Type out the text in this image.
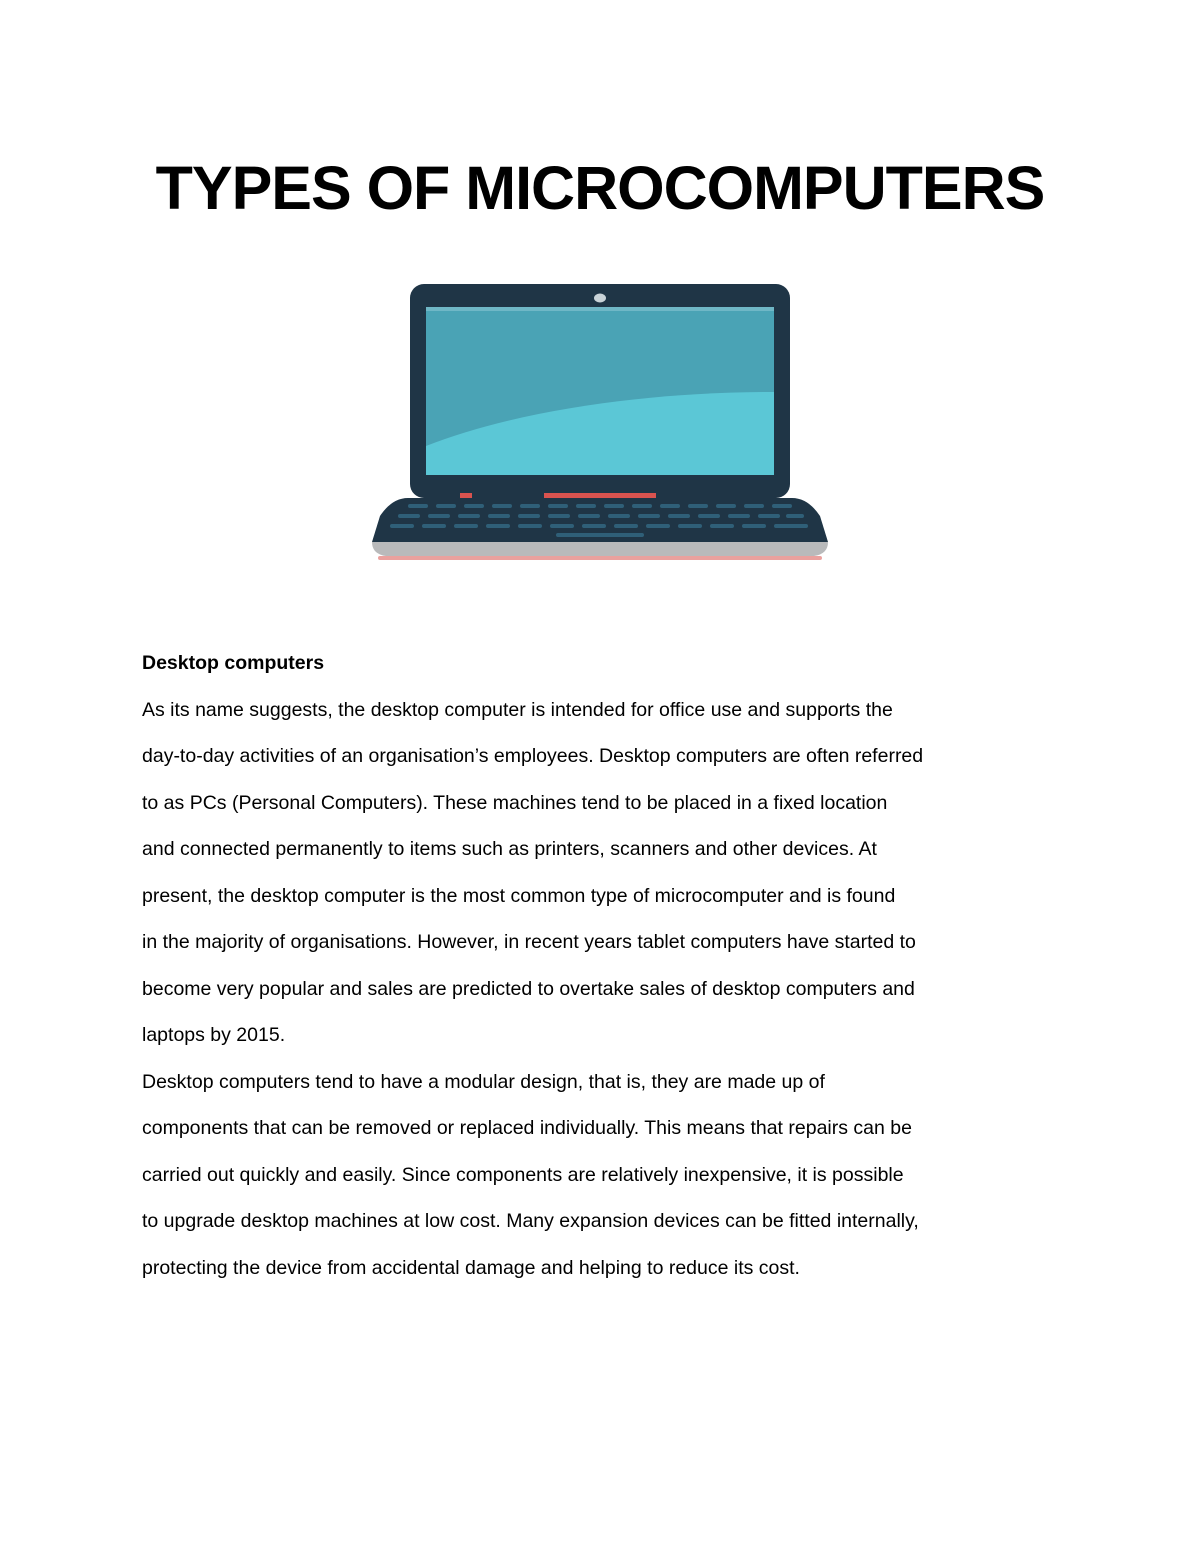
TYPES OF MICROCOMPUTERS

Desktop computers

As its name suggests, the desktop computer is intended for office use and supports the
day-to-day activities of an organisation’s employees. Desktop computers are often referred
to as PCs (Personal Computers). These machines tend to be placed in a fixed location
and connected permanently to items such as printers, scanners and other devices. At
present, the desktop computer is the most common type of microcomputer and is found
in the majority of organisations. However, in recent years tablet computers have started to
become very popular and sales are predicted to overtake sales of desktop computers and
laptops by 2015.

Desktop computers tend to have a modular design, that is, they are made up of
components that can be removed or replaced individually. This means that repairs can be
carried out quickly and easily. Since components are relatively inexpensive, it is possible
to upgrade desktop machines at low cost. Many expansion devices can be fitted internally,
protecting the device from accidental damage and helping to reduce its cost.
